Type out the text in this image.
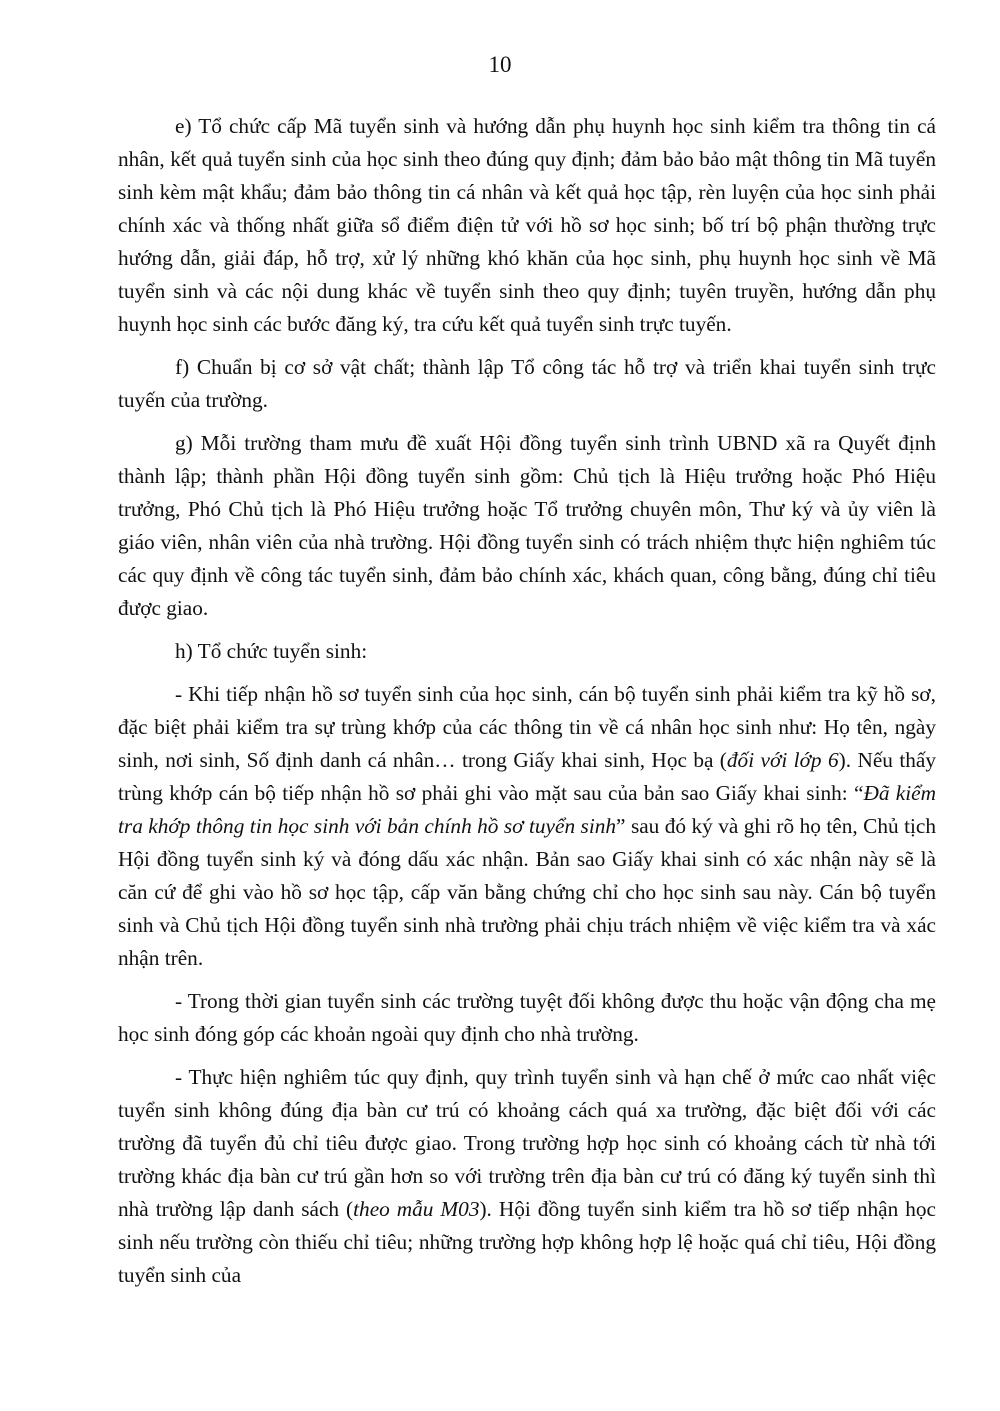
10

e) Tổ chức cấp Mã tuyển sinh và hướng dẫn phụ huynh học sinh kiểm tra thông tin cá nhân, kết quả tuyển sinh của học sinh theo đúng quy định; đảm bảo bảo mật thông tin Mã tuyển sinh kèm mật khẩu; đảm bảo thông tin cá nhân và kết quả học tập, rèn luyện của học sinh phải chính xác và thống nhất giữa sổ điểm điện tử với hồ sơ học sinh; bố trí bộ phận thường trực hướng dẫn, giải đáp, hỗ trợ, xử lý những khó khăn của học sinh, phụ huynh học sinh về Mã tuyển sinh và các nội dung khác về tuyển sinh theo quy định; tuyên truyền, hướng dẫn phụ huynh học sinh các bước đăng ký, tra cứu kết quả tuyển sinh trực tuyến.

f) Chuẩn bị cơ sở vật chất; thành lập Tổ công tác hỗ trợ và triển khai tuyển sinh trực tuyến của trường.

g) Mỗi trường tham mưu đề xuất Hội đồng tuyển sinh trình UBND xã ra Quyết định thành lập; thành phần Hội đồng tuyển sinh gồm: Chủ tịch là Hiệu trưởng hoặc Phó Hiệu trưởng, Phó Chủ tịch là Phó Hiệu trưởng hoặc Tổ trưởng chuyên môn, Thư ký và ủy viên là giáo viên, nhân viên của nhà trường. Hội đồng tuyển sinh có trách nhiệm thực hiện nghiêm túc các quy định về công tác tuyển sinh, đảm bảo chính xác, khách quan, công bằng, đúng chỉ tiêu được giao.

h) Tổ chức tuyển sinh:

- Khi tiếp nhận hồ sơ tuyển sinh của học sinh, cán bộ tuyển sinh phải kiểm tra kỹ hồ sơ, đặc biệt phải kiểm tra sự trùng khớp của các thông tin về cá nhân học sinh như: Họ tên, ngày sinh, nơi sinh, Số định danh cá nhân… trong Giấy khai sinh, Học bạ (đối với lớp 6). Nếu thấy trùng khớp cán bộ tiếp nhận hồ sơ phải ghi vào mặt sau của bản sao Giấy khai sinh: “Đã kiểm tra khớp thông tin học sinh với bản chính hồ sơ tuyển sinh” sau đó ký và ghi rõ họ tên, Chủ tịch Hội đồng tuyển sinh ký và đóng dấu xác nhận. Bản sao Giấy khai sinh có xác nhận này sẽ là căn cứ để ghi vào hồ sơ học tập, cấp văn bằng chứng chỉ cho học sinh sau này. Cán bộ tuyển sinh và Chủ tịch Hội đồng tuyển sinh nhà trường phải chịu trách nhiệm về việc kiểm tra và xác nhận trên.

- Trong thời gian tuyển sinh các trường tuyệt đối không được thu hoặc vận động cha mẹ học sinh đóng góp các khoản ngoài quy định cho nhà trường.

- Thực hiện nghiêm túc quy định, quy trình tuyển sinh và hạn chế ở mức cao nhất việc tuyển sinh không đúng địa bàn cư trú có khoảng cách quá xa trường, đặc biệt đối với các trường đã tuyển đủ chỉ tiêu được giao. Trong trường hợp học sinh có khoảng cách từ nhà tới trường khác địa bàn cư trú gần hơn so với trường trên địa bàn cư trú có đăng ký tuyển sinh thì nhà trường lập danh sách (theo mẫu M03). Hội đồng tuyển sinh kiểm tra hồ sơ tiếp nhận học sinh nếu trường còn thiếu chỉ tiêu; những trường hợp không hợp lệ hoặc quá chỉ tiêu, Hội đồng tuyển sinh của
